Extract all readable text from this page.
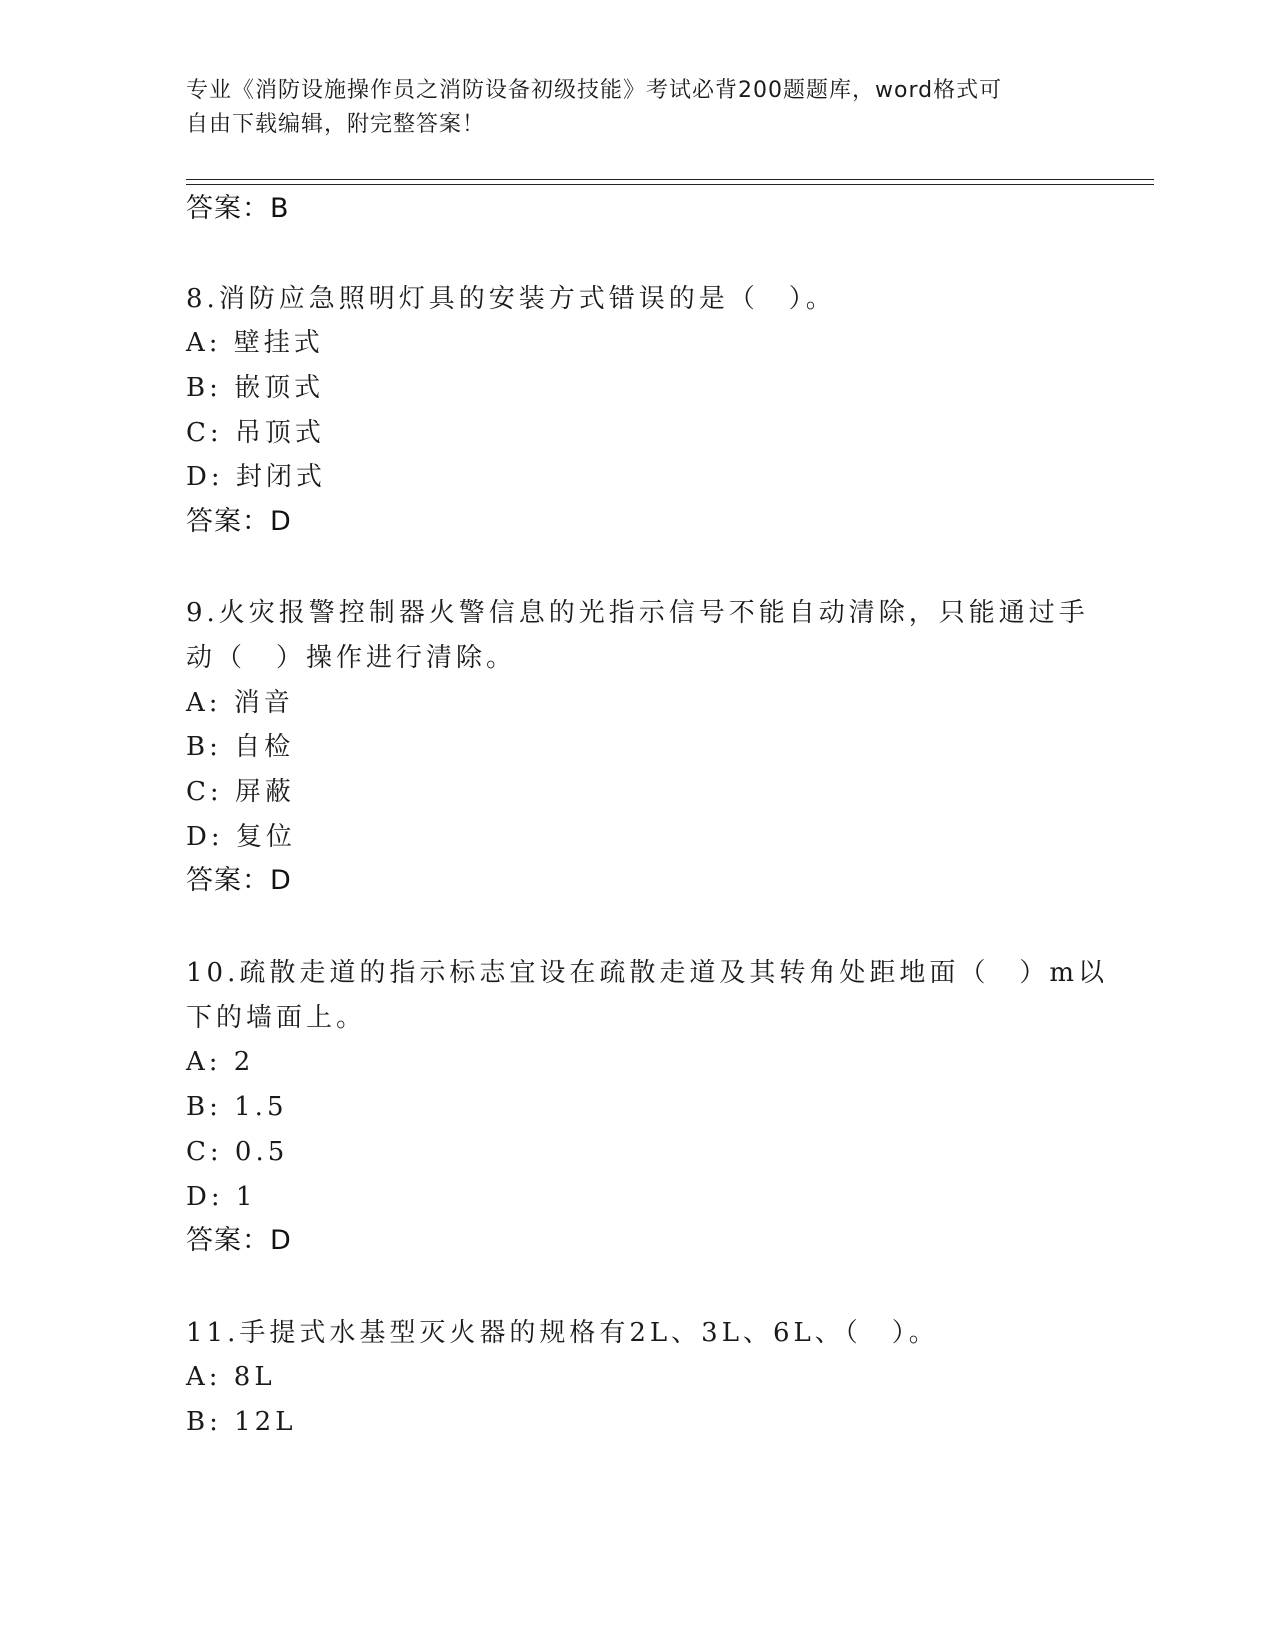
专业《消防设施操作员之消防设备初级技能》考试必背200题题库，word格式可
自由下载编辑，附完整答案！
答案：B
8.消防应急照明灯具的安装方式错误的是（　）。
A: 壁挂式
B: 嵌顶式
C: 吊顶式
D: 封闭式
答案：D
9.火灾报警控制器火警信息的光指示信号不能自动清除，只能通过手
动（　）操作进行清除。
A: 消音
B: 自检
C: 屏蔽
D: 复位
答案：D
10.疏散走道的指示标志宜设在疏散走道及其转角处距地面（　）m以
下的墙面上。
A: 2
B: 1.5
C: 0.5
D: 1
答案：D
11.手提式水基型灭火器的规格有2L、3L、6L、（　）。
A: 8L
B: 12L
